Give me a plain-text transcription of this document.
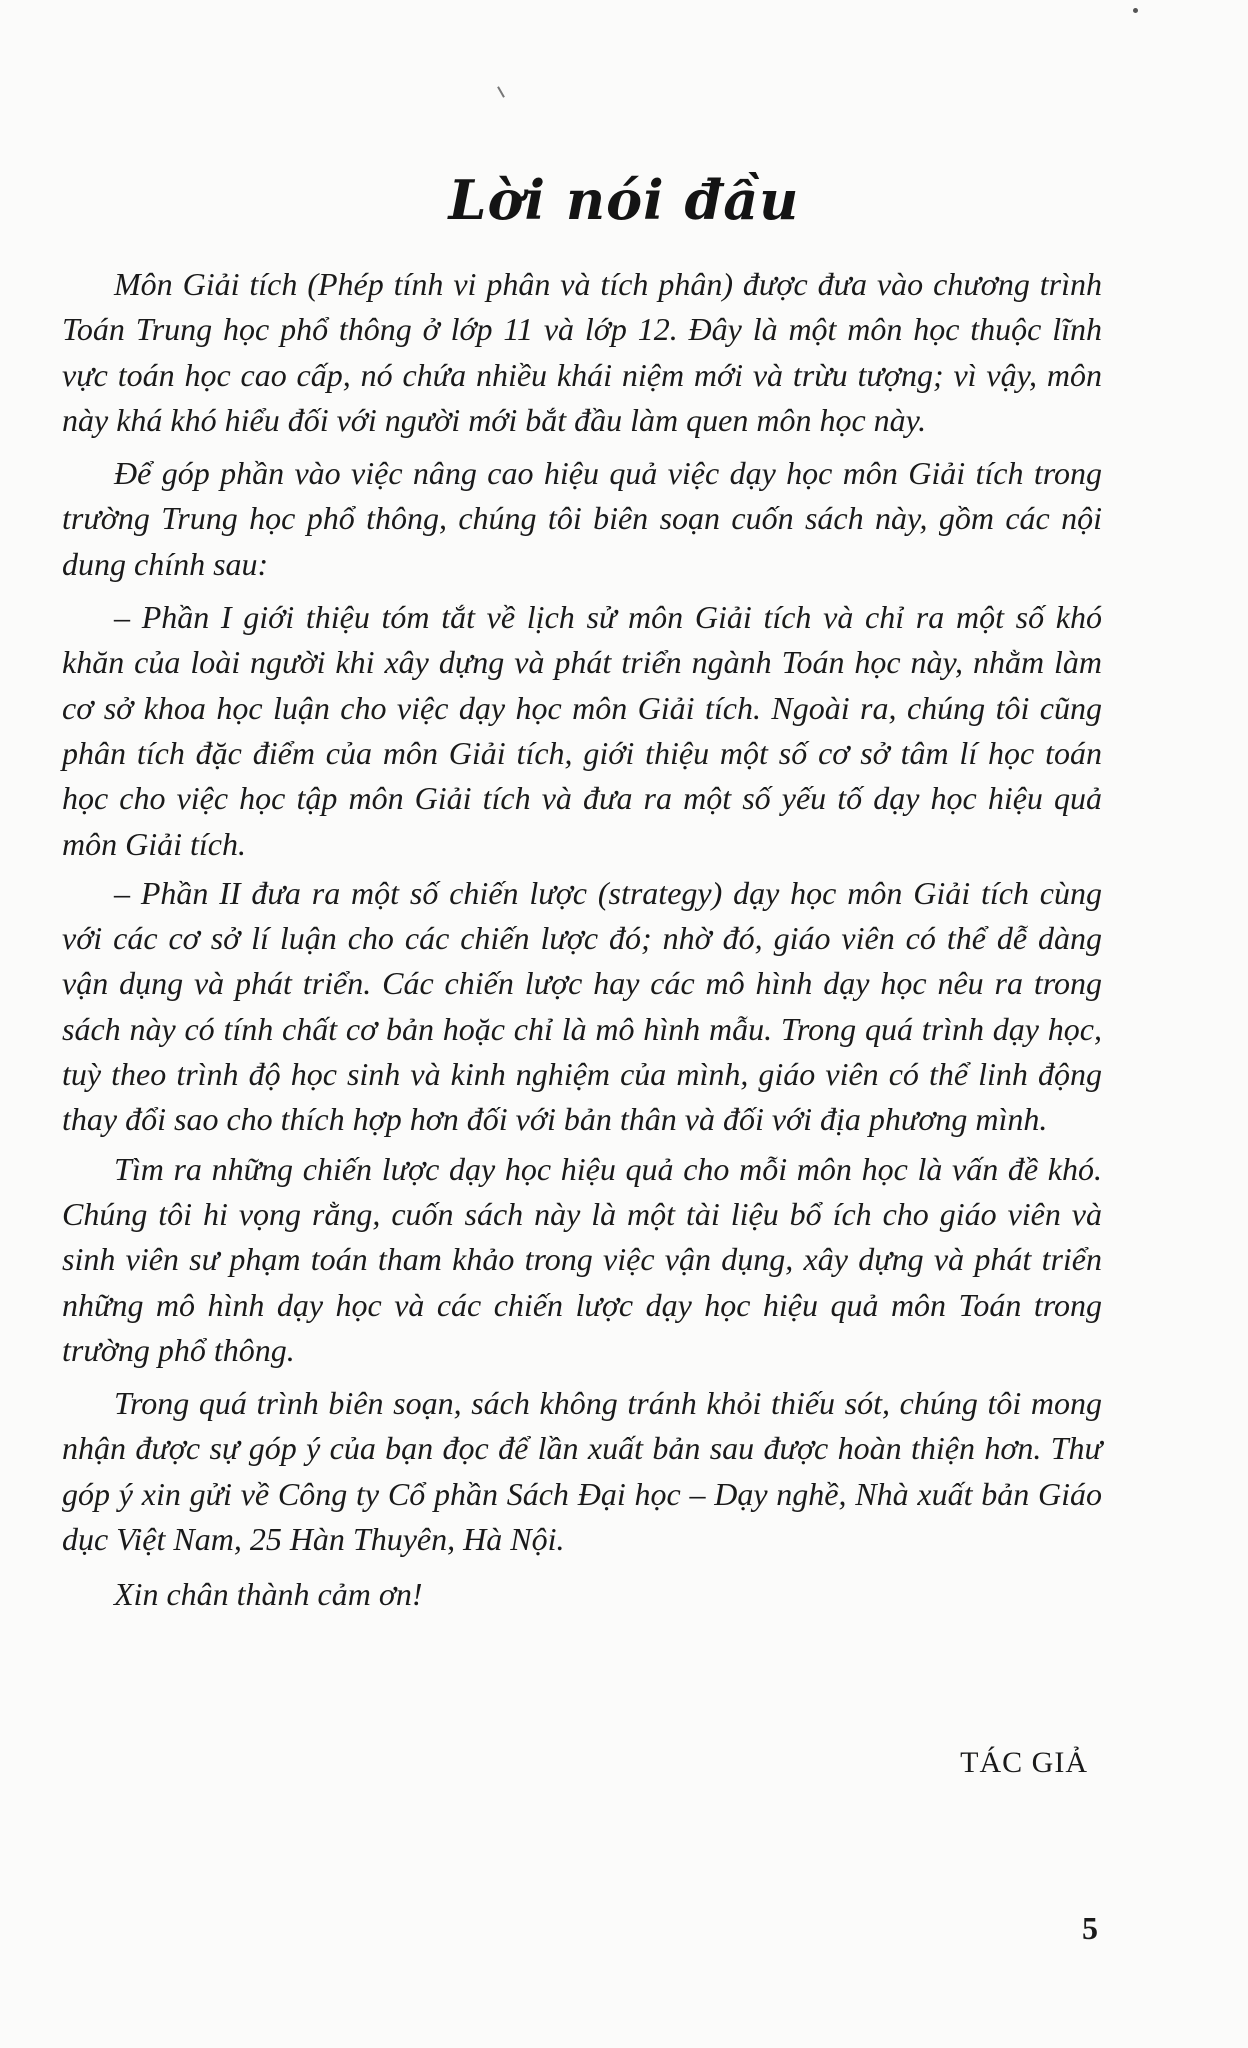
Lời nói đầu

Môn Giải tích (Phép tính vi phân và tích phân) được đưa vào chương trình Toán Trung học phổ thông ở lớp 11 và lớp 12. Đây là một môn học thuộc lĩnh vực toán học cao cấp, nó chứa nhiều khái niệm mới và trừu tượng; vì vậy, môn này khá khó hiểu đối với người mới bắt đầu làm quen môn học này.

Để góp phần vào việc nâng cao hiệu quả việc dạy học môn Giải tích trong trường Trung học phổ thông, chúng tôi biên soạn cuốn sách này, gồm các nội dung chính sau:

– Phần I giới thiệu tóm tắt về lịch sử môn Giải tích và chỉ ra một số khó khăn của loài người khi xây dựng và phát triển ngành Toán học này, nhằm làm cơ sở khoa học luận cho việc dạy học môn Giải tích. Ngoài ra, chúng tôi cũng phân tích đặc điểm của môn Giải tích, giới thiệu một số cơ sở tâm lí học toán học cho việc học tập môn Giải tích và đưa ra một số yếu tố dạy học hiệu quả môn Giải tích.

– Phần II đưa ra một số chiến lược (strategy) dạy học môn Giải tích cùng với các cơ sở lí luận cho các chiến lược đó; nhờ đó, giáo viên có thể dễ dàng vận dụng và phát triển. Các chiến lược hay các mô hình dạy học nêu ra trong sách này có tính chất cơ bản hoặc chỉ là mô hình mẫu. Trong quá trình dạy học, tuỳ theo trình độ học sinh và kinh nghiệm của mình, giáo viên có thể linh động thay đổi sao cho thích hợp hơn đối với bản thân và đối với địa phương mình.

Tìm ra những chiến lược dạy học hiệu quả cho mỗi môn học là vấn đề khó. Chúng tôi hi vọng rằng, cuốn sách này là một tài liệu bổ ích cho giáo viên và sinh viên sư phạm toán tham khảo trong việc vận dụng, xây dựng và phát triển những mô hình dạy học và các chiến lược dạy học hiệu quả môn Toán trong trường phổ thông.

Trong quá trình biên soạn, sách không tránh khỏi thiếu sót, chúng tôi mong nhận được sự góp ý của bạn đọc để lần xuất bản sau được hoàn thiện hơn. Thư góp ý xin gửi về Công ty Cổ phần Sách Đại học – Dạy nghề, Nhà xuất bản Giáo dục Việt Nam, 25 Hàn Thuyên, Hà Nội.

Xin chân thành cảm ơn!

TÁC GIẢ
5
